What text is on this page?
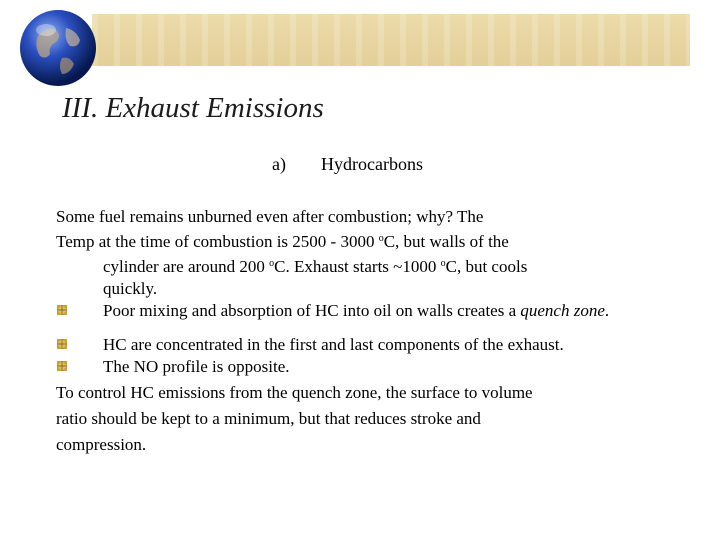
III. Exhaust Emissions
a) Hydrocarbons
Some fuel remains unburned even after combustion; why? The
Temp at the time of combustion is 2500 - 3000 $^o$C, but walls of the
cylinder are around 200 $^o$C. Exhaust starts ~1000 $^o$C, but cools
quickly.
Poor mixing and absorption of HC into oil on walls creates a quench zone.
HC are concentrated in the first and last components of the exhaust.
The NO profile is opposite.
To control HC emissions from the quench zone, the surface to volume
ratio should be kept to a minimum, but that reduces stroke and
compression.
